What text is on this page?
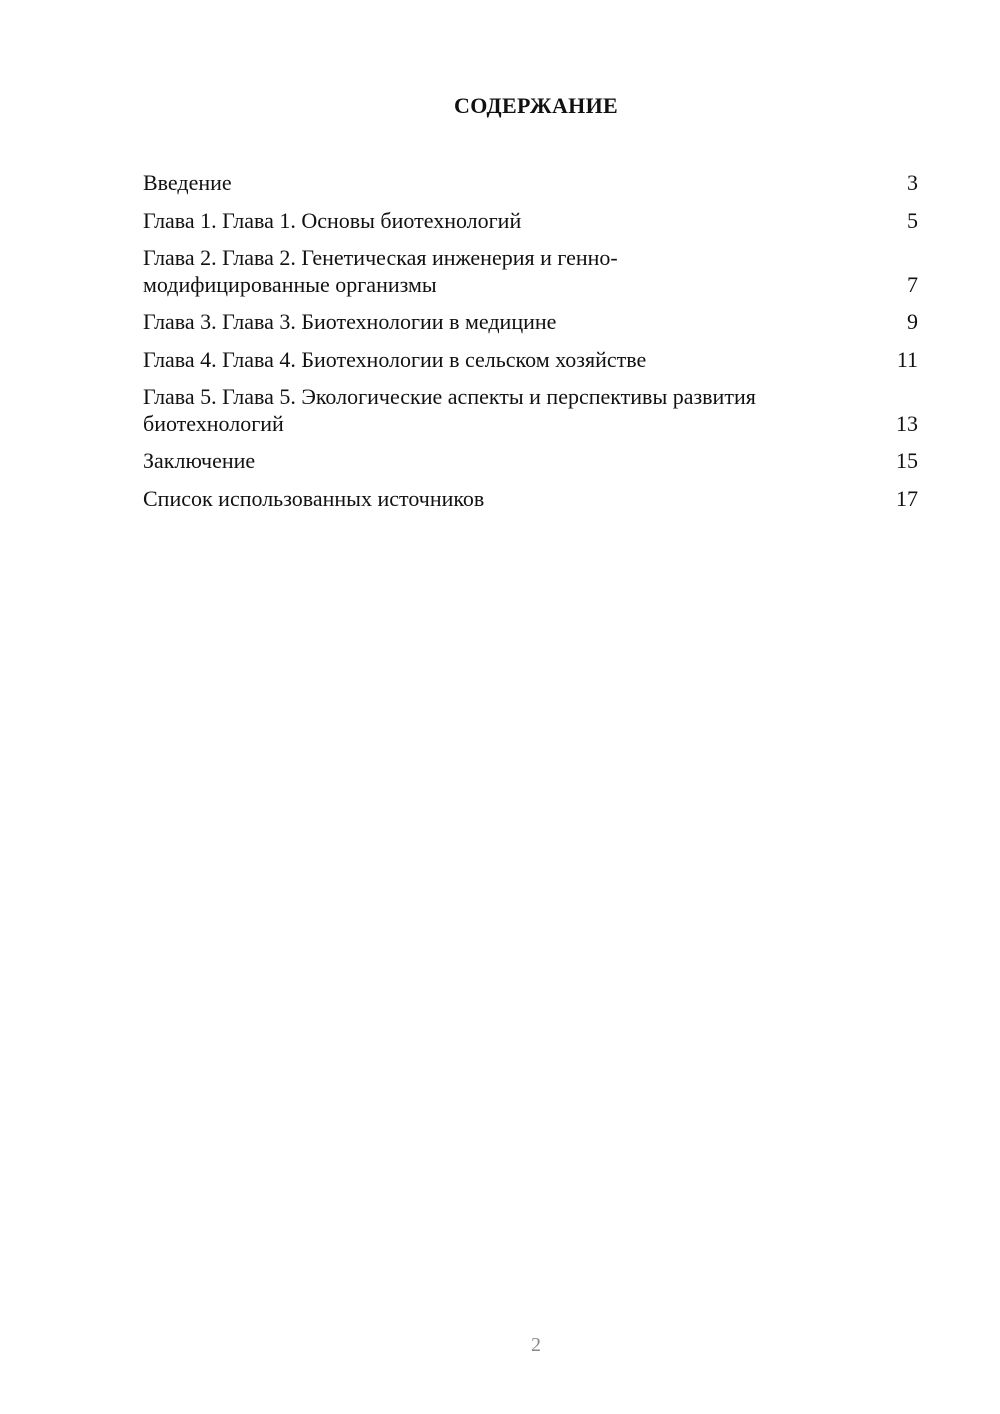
СОДЕРЖАНИЕ
Введение	3
Глава 1. Глава 1. Основы биотехнологий	5
Глава 2. Глава 2. Генетическая инженерия и генно-модифицированные организмы	7
Глава 3. Глава 3. Биотехнологии в медицине	9
Глава 4. Глава 4. Биотехнологии в сельском хозяйстве	11
Глава 5. Глава 5. Экологические аспекты и перспективы развития биотехнологий	13
Заключение	15
Список использованных источников	17
2
